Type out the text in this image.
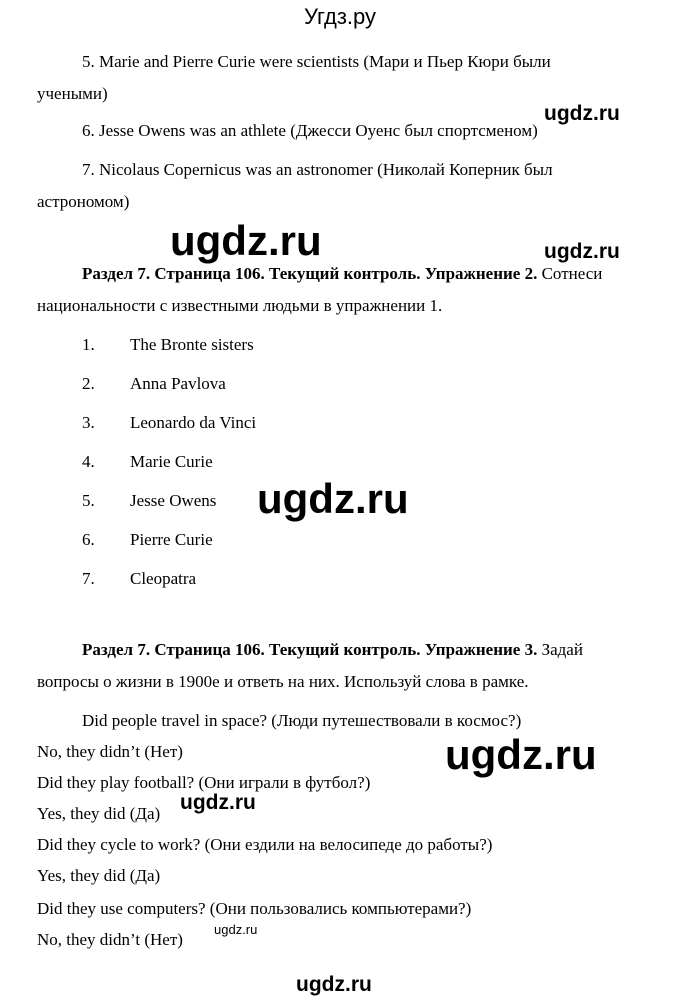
Угдз.ру
5. Marie and Pierre Curie were scientists (Мари и Пьер Кюри были
учеными)
ugdz.ru
6. Jesse Owens was an athlete (Джесси Оуенс был спортсменом)
7. Nicolaus Copernicus was an astronomer (Николай Коперник был
астрономом)
ugdz.ru	ugdz.ru
Раздел 7. Страница 106. Текущий контроль. Упражнение 2. Сотнеси
национальности с известными людьми в упражнении 1.
1. The Bronte sisters
2. Anna Pavlova
3. Leonardo da Vinci
4. Marie Curie
5. Jesse Owens
6. Pierre Curie
7. Cleopatra
ugdz.ru
Раздел 7. Страница 106. Текущий контроль. Упражнение 3. Задай
вопросы о жизни в 1900е и ответь на них. Используй слова в рамке.
Did people travel in space? (Люди путешествовали в космос?)
No, they didn’t (Нет)
Did they play football? (Они играли в футбол?)
Yes, they did (Да)
Did they cycle to work? (Они ездили на велосипеде до работы?)
Yes, they did (Да)
Did they use computers? (Они пользовались компьютерами?)
No, they didn’t (Нет)
ugdz.ru
ugdz.ru
ugdz.ru
ugdz.ru
